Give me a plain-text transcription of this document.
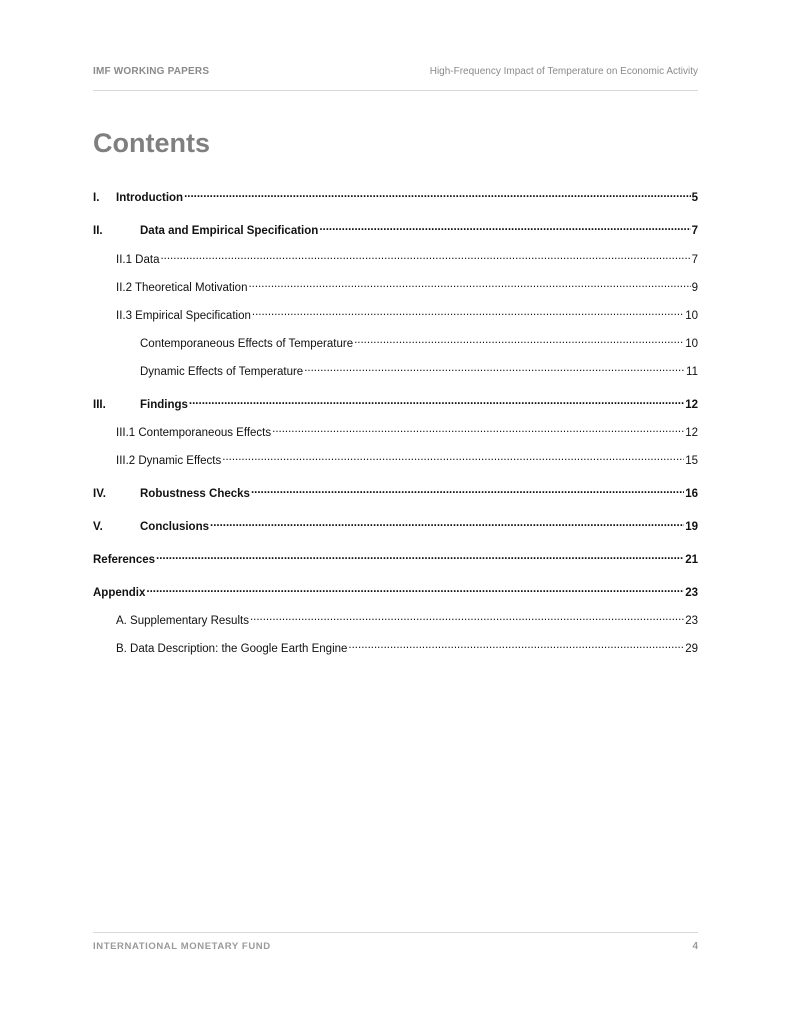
IMF WORKING PAPERS	High-Frequency Impact of Temperature on Economic Activity
Contents
I.	Introduction .....	5
II.	Data and Empirical Specification .....	7
II.1 Data .....	7
II.2 Theoretical Motivation .....	9
II.3 Empirical Specification .....	10
Contemporaneous Effects of Temperature .....	10
Dynamic Effects of Temperature .....	11
III.	Findings .....	12
III.1 Contemporaneous Effects .....	12
III.2 Dynamic Effects .....	15
IV.	Robustness Checks .....	16
V.	Conclusions .....	19
References .....	21
Appendix .....	23
A. Supplementary Results .....	23
B. Data Description: the Google Earth Engine .....	29
INTERNATIONAL MONETARY FUND	4
